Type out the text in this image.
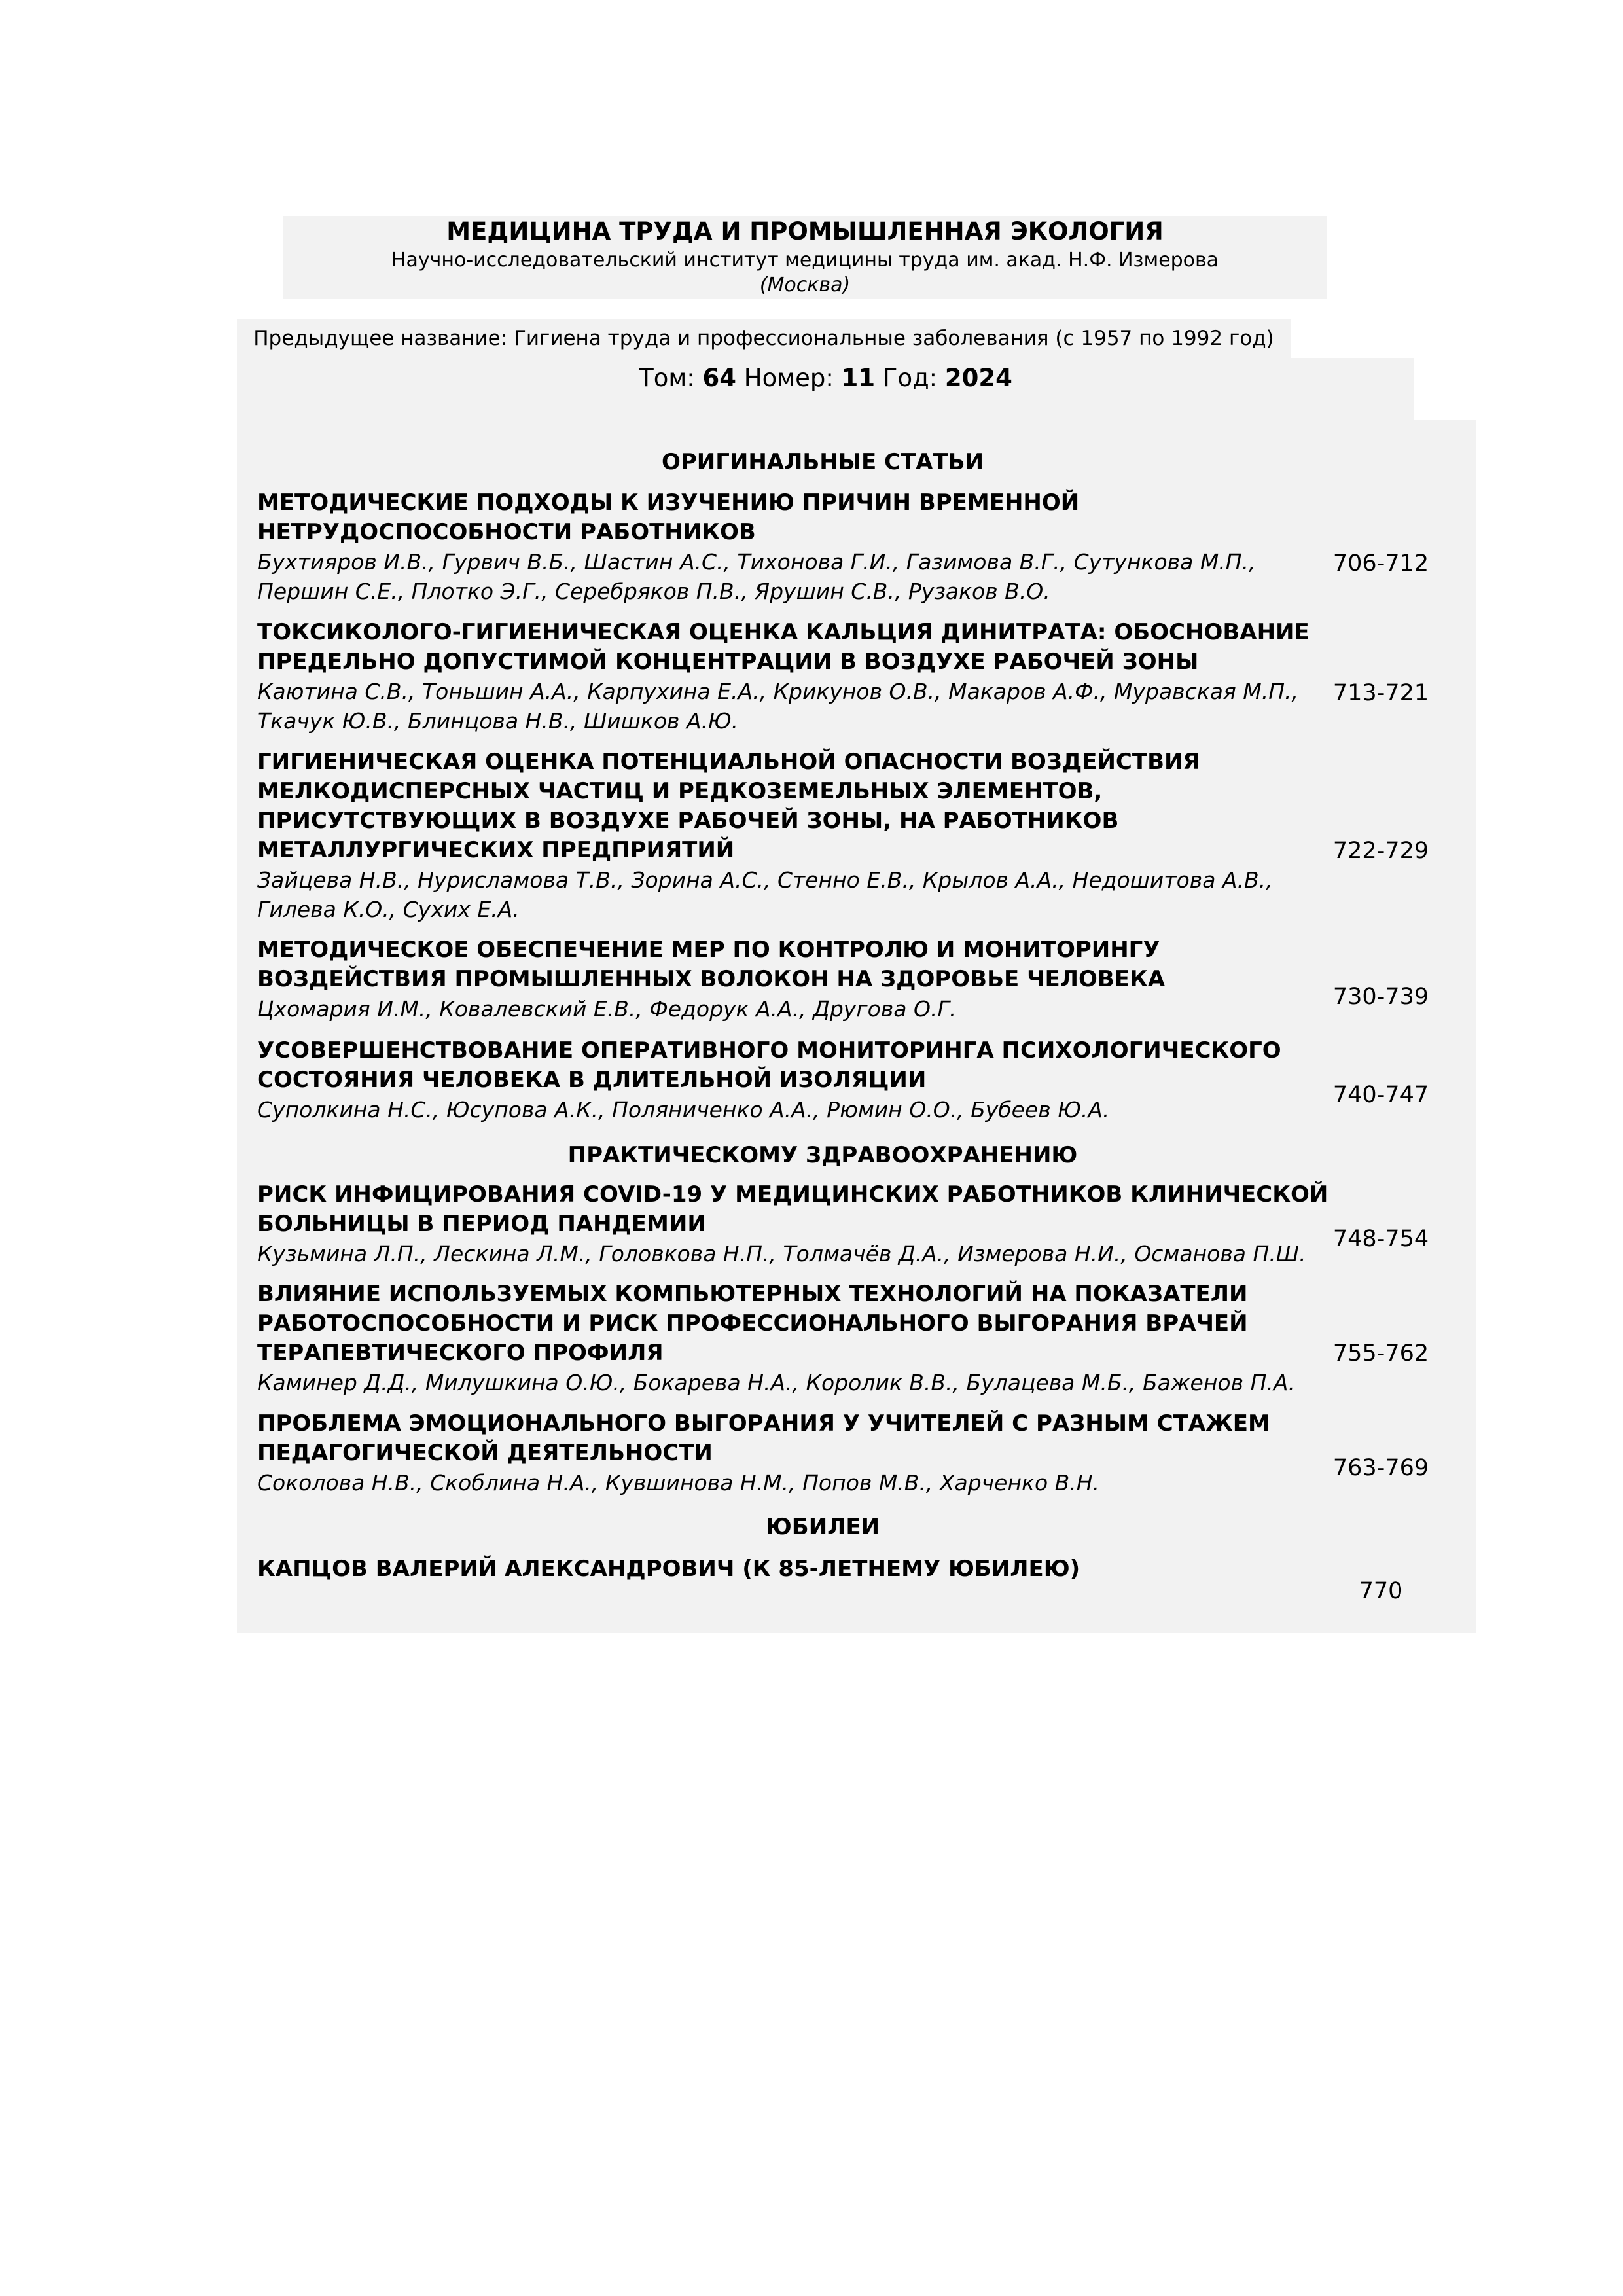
МЕДИЦИНА ТРУДА И ПРОМЫШЛЕННАЯ ЭКОЛОГИЯ
Научно-исследовательский институт медицины труда им. акад. Н.Ф. Измерова
(Москва)
Предыдущее название: Гигиена труда и профессиональные заболевания (с 1957 по 1992 год)
Том: 64 Номер: 11 Год: 2024
ОРИГИНАЛЬНЫЕ СТАТЬИ
МЕТОДИЧЕСКИЕ ПОДХОДЫ К ИЗУЧЕНИЮ ПРИЧИН ВРЕМЕННОЙ
НЕТРУДОСПОСОБНОСТИ РАБОТНИКОВ
Бухтияров И.В., Гурвич В.Б., Шастин А.С., Тихонова Г.И., Газимова В.Г., Сутункова М.П.,
Першин С.Е., Плотко Э.Г., Серебряков П.В., Ярушин С.В., Рузаков В.О.
706-712
ТОКСИКОЛОГО-ГИГИЕНИЧЕСКАЯ ОЦЕНКА КАЛЬЦИЯ ДИНИТРАТА: ОБОСНОВАНИЕ
ПРЕДЕЛЬНО ДОПУСТИМОЙ КОНЦЕНТРАЦИИ В ВОЗДУХЕ РАБОЧЕЙ ЗОНЫ
Каютина С.В., Тоньшин А.А., Карпухина Е.А., Крикунов О.В., Макаров А.Ф., Муравская М.П.,
Ткачук Ю.В., Блинцова Н.В., Шишков А.Ю.
713-721
ГИГИЕНИЧЕСКАЯ ОЦЕНКА ПОТЕНЦИАЛЬНОЙ ОПАСНОСТИ ВОЗДЕЙСТВИЯ
МЕЛКОДИСПЕРСНЫХ ЧАСТИЦ И РЕДКОЗЕМЕЛЬНЫХ ЭЛЕМЕНТОВ,
ПРИСУТСТВУЮЩИХ В ВОЗДУХЕ РАБОЧЕЙ ЗОНЫ, НА РАБОТНИКОВ
МЕТАЛЛУРГИЧЕСКИХ ПРЕДПРИЯТИЙ
Зайцева Н.В., Нурисламова Т.В., Зорина А.С., Стенно Е.В., Крылов А.А., Недошитова А.В.,
Гилева К.О., Сухих Е.А.
722-729
МЕТОДИЧЕСКОЕ ОБЕСПЕЧЕНИЕ МЕР ПО КОНТРОЛЮ И МОНИТОРИНГУ
ВОЗДЕЙСТВИЯ ПРОМЫШЛЕННЫХ ВОЛОКОН НА ЗДОРОВЬЕ ЧЕЛОВЕКА
Цхомария И.М., Ковалевский Е.В., Федорук А.А., Другова О.Г.	730-739
УСОВЕРШЕНСТВОВАНИЕ ОПЕРАТИВНОГО МОНИТОРИНГА ПСИХОЛОГИЧЕСКОГО
СОСТОЯНИЯ ЧЕЛОВЕКА В ДЛИТЕЛЬНОЙ ИЗОЛЯЦИИ
Суполкина Н.С., Юсупова А.К., Поляниченко А.А., Рюмин О.О., Бубеев Ю.А.
740-747
ПРАКТИЧЕСКОМУ ЗДРАВООХРАНЕНИЮ
РИСК ИНФИЦИРОВАНИЯ COVID-19 У МЕДИЦИНСКИХ РАБОТНИКОВ КЛИНИЧЕСКОЙ
БОЛЬНИЦЫ В ПЕРИОД ПАНДЕМИИ
Кузьмина Л.П., Лескина Л.М., Головкова Н.П., Толмачёв Д.А., Измерова Н.И., Османова П.Ш.
748-754
ВЛИЯНИЕ ИСПОЛЬЗУЕМЫХ КОМПЬЮТЕРНЫХ ТЕХНОЛОГИЙ НА ПОКАЗАТЕЛИ
РАБОТОСПОСОБНОСТИ И РИСК ПРОФЕССИОНАЛЬНОГО ВЫГОРАНИЯ ВРАЧЕЙ
ТЕРАПЕВТИЧЕСКОГО ПРОФИЛЯ
Каминер Д.Д., Милушкина О.Ю., Бокарева Н.А., Королик В.В., Булацева М.Б., Баженов П.А.
755-762
ПРОБЛЕМА ЭМОЦИОНАЛЬНОГО ВЫГОРАНИЯ У УЧИТЕЛЕЙ С РАЗНЫМ СТАЖЕМ
ПЕДАГОГИЧЕСКОЙ ДЕЯТЕЛЬНОСТИ
Соколова Н.В., Скоблина Н.А., Кувшинова Н.М., Попов М.В., Харченко В.Н.
763-769
ЮБИЛЕИ
КАПЦОВ ВАЛЕРИЙ АЛЕКСАНДРОВИЧ (К 85-ЛЕТНЕМУ ЮБИЛЕЮ)
770
